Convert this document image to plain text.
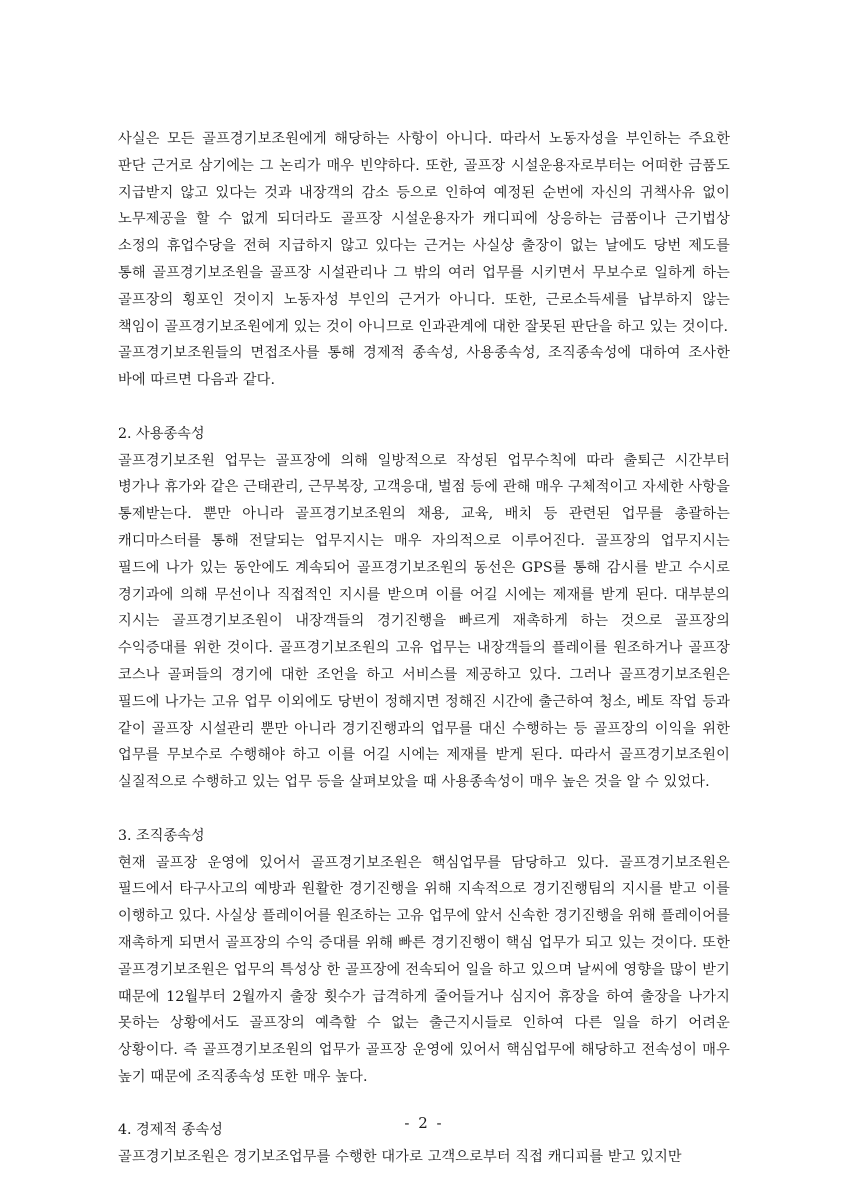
사실은 모든 골프경기보조원에게 해당하는 사항이 아니다. 따라서 노동자성을 부인하는 주요한 판단 근거로 삼기에는 그 논리가 매우 빈약하다. 또한, 골프장 시설운용자로부터는 어떠한 금품도 지급받지 않고 있다는 것과 내장객의 감소 등으로 인하여 예정된 순번에 자신의 귀책사유 없이 노무제공을 할 수 없게 되더라도 골프장 시설운용자가 캐디피에 상응하는 금품이나 근기법상 소정의 휴업수당을 전혀 지급하지 않고 있다는 근거는 사실상 출장이 없는 날에도 당번 제도를 통해 골프경기보조원을 골프장 시설관리나 그 밖의 여러 업무를 시키면서 무보수로 일하게 하는 골프장의 횡포인 것이지 노동자성 부인의 근거가 아니다. 또한, 근로소득세를 납부하지 않는 책임이 골프경기보조원에게 있는 것이 아니므로 인과관계에 대한 잘못된 판단을 하고 있는 것이다.

골프경기보조원들의 면접조사를 통해 경제적 종속성, 사용종속성, 조직종속성에 대하여 조사한 바에 따르면 다음과 같다.

2. 사용종속성

골프경기보조원 업무는 골프장에 의해 일방적으로 작성된 업무수칙에 따라 출퇴근 시간부터 병가나 휴가와 같은 근태관리, 근무복장, 고객응대, 벌점 등에 관해 매우 구체적이고 자세한 사항을 통제받는다. 뿐만 아니라 골프경기보조원의 채용, 교육, 배치 등 관련된 업무를 총괄하는 캐디마스터를 통해 전달되는 업무지시는 매우 자의적으로 이루어진다. 골프장의 업무지시는 필드에 나가 있는 동안에도 계속되어 골프경기보조원의 동선은 GPS를 통해 감시를 받고 수시로 경기과에 의해 무선이나 직접적인 지시를 받으며 이를 어길 시에는 제재를 받게 된다. 대부분의 지시는 골프경기보조원이 내장객들의 경기진행을 빠르게 재촉하게 하는 것으로 골프장의 수익증대를 위한 것이다. 골프경기보조원의 고유 업무는 내장객들의 플레이를 원조하거나 골프장 코스나 골퍼들의 경기에 대한 조언을 하고 서비스를 제공하고 있다. 그러나 골프경기보조원은 필드에 나가는 고유 업무 이외에도 당번이 정해지면 정해진 시간에 출근하여 청소, 베토 작업 등과 같이 골프장 시설관리 뿐만 아니라 경기진행과의 업무를 대신 수행하는 등 골프장의 이익을 위한 업무를 무보수로 수행해야 하고 이를 어길 시에는 제재를 받게 된다. 따라서 골프경기보조원이 실질적으로 수행하고 있는 업무 등을 살펴보았을 때 사용종속성이 매우 높은 것을 알 수 있었다.

3. 조직종속성

현재 골프장 운영에 있어서 골프경기보조원은 핵심업무를 담당하고 있다. 골프경기보조원은 필드에서 타구사고의 예방과 원활한 경기진행을 위해 지속적으로 경기진행팀의 지시를 받고 이를 이행하고 있다. 사실상 플레이어를 원조하는 고유 업무에 앞서 신속한 경기진행을 위해 플레이어를 재촉하게 되면서 골프장의 수익 증대를 위해 빠른 경기진행이 핵심 업무가 되고 있는 것이다. 또한 골프경기보조원은 업무의 특성상 한 골프장에 전속되어 일을 하고 있으며 날씨에 영향을 많이 받기 때문에 12월부터 2월까지 출장 횟수가 급격하게 줄어들거나 심지어 휴장을 하여 출장을 나가지 못하는 상황에서도 골프장의 예측할 수 없는 출근지시들로 인하여 다른 일을 하기 어려운 상황이다. 즉 골프경기보조원의 업무가 골프장 운영에 있어서 핵심업무에 해당하고 전속성이 매우 높기 때문에 조직종속성 또한 매우 높다.

4. 경제적 종속성

골프경기보조원은 경기보조업무를 수행한 대가로 고객으로부터 직접 캐디피를 받고 있지만

- 2 -
